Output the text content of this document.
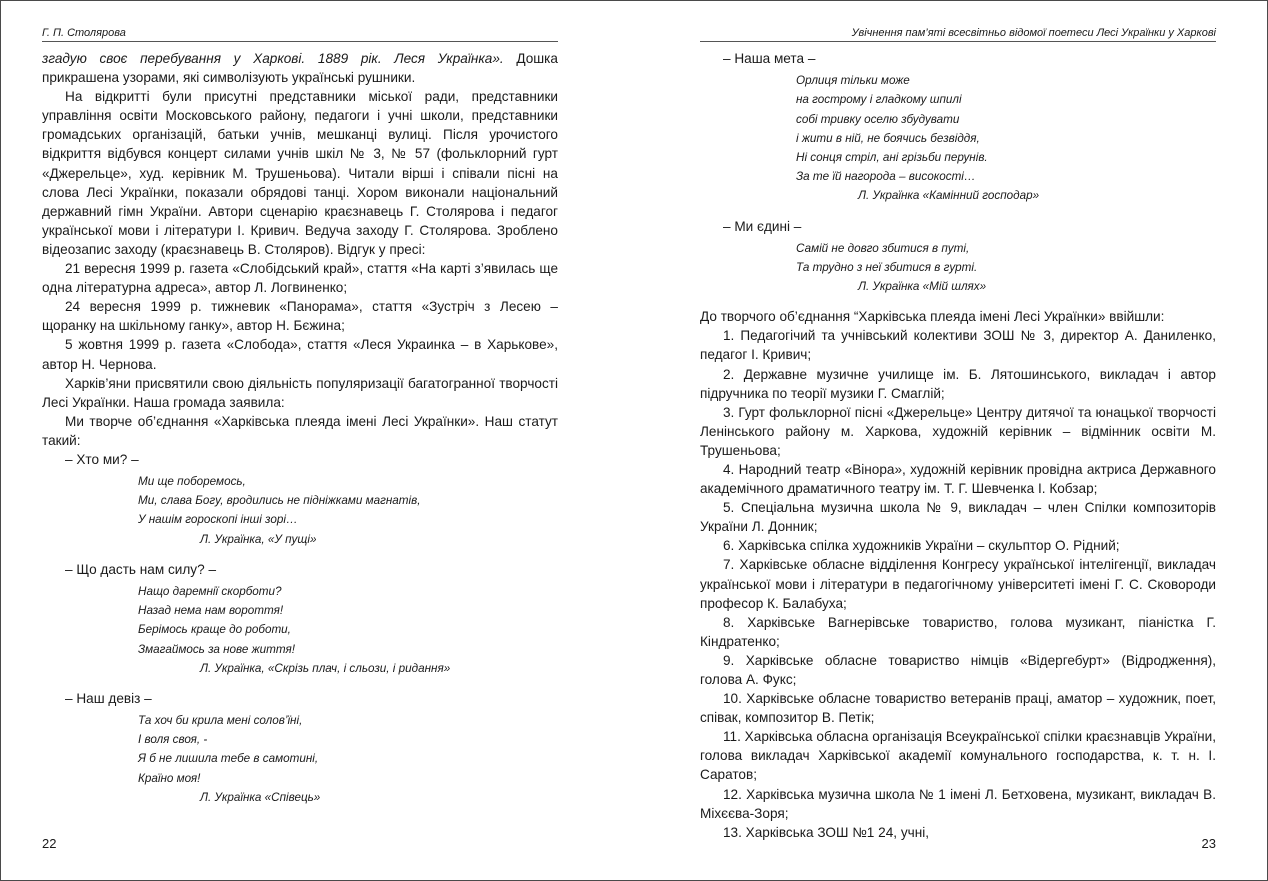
Г. П. Столярова

згадую своє перебування у Харкові. 1889 рік. Леся Українка». Дошка прикрашена узорами, які символізують українські рушники.

На відкритті були присутні представники міської ради, представники управління освіти Московського району, педагоги і учні школи, представники громадських організацій, батьки учнів, мешканці вулиці. Після урочистого відкриття відбувся концерт силами учнів шкіл № 3, № 57 (фольклорний гурт «Джерельце», худ. керівник М. Трушеньова). Читали вірші і співали пісні на слова Лесі Українки, показали обрядові танці. Хором виконали національний державний гімн України. Автори сценарію краєзнавець Г. Столярова і педагог української мови і літератури І. Кривич. Ведуча заходу Г. Столярова. Зроблено відеозапис заходу (краєзнавець В. Столяров). Відгук у пресі:

21 вересня 1999 р. газета «Слобідський край», стаття «На карті з’явилась ще одна літературна адреса», автор Л. Логвиненко;

24 вересня 1999 р. тижневик «Панорама», стаття «Зустріч з Лесею – щоранку на шкільному ганку», автор Н. Бєжина;

5 жовтня 1999 р. газета «Слобода», стаття «Леся Украинка – в Харькове», автор Н. Чернова.

Харків’яни присвятили свою діяльність популяризації багатогранної творчості Лесі Українки. Наша громада заявила:

Ми творче об’єднання «Харківська плеяда імені Лесі Українки». Наш статут такий:

– Хто ми? –

Ми ще поборемось,
Ми, слава Богу, вродились не підніжками магнатів,
У нашім гороскопі інші зорі…
Л. Українка, «У пущі»

– Що дасть нам силу? –

Нащо даремнії скорботи?
Назад нема нам вороття!
Берімось краще до роботи,
Змагаймось за нове життя!
Л. Українка, «Скрізь плач, і сльози, і ридання»

– Наш девіз –

Та хоч би крила мені солов’їні,
І воля своя, -
Я б не лишила тебе в самотині,
Країно моя!
Л. Українка «Співець»
22
Увічнення пам’яті всесвітньо відомої поетеси Лесі Українки у Харкові

– Наша мета –

Орлиця тільки може
на гострому і гладкому шпилі
собі тривку оселю збудувати
і жити в ній, не боячись безвіддя,
Ні сонця стріл, ані грізьби перунів.
За те їй нагорода – високості…
Л. Українка «Камінний господар»

– Ми єдині –

Самій не довго збитися в путі,
Та трудно з неї збитися в гурті.
Л. Українка «Мій шлях»

До творчого об’єднання “Харківська плеяда імені Лесі Українки» ввійшли:

1. Педагогічий та учнівський колективи ЗОШ № 3, директор А. Даниленко, педагог І. Кривич;

2. Державне музичне училище ім. Б. Лятошинського, викладач і автор підручника по теорії музики Г. Смаглій;

3. Гурт фольклорної пісні «Джерельце» Центру дитячої та юнацької творчості Ленінського району м. Харкова, художній керівник – відмінник освіти М. Трушеньова;

4. Народний театр «Вінора», художній керівник провідна актриса Державного академічного драматичного театру ім. Т. Г. Шевченка І. Кобзар;

5. Спеціальна музична школа № 9, викладач – член Спілки композиторів України Л. Донник;

6. Харківська спілка художників України – скульптор О. Рідний;

7. Харківське обласне відділення Конгресу української інтелігенції, викладач української мови і літератури в педагогічному університеті імені Г. С. Сковороди професор К. Балабуха;

8. Харківське Вагнерівське товариство, голова музикант, піаністка Г. Кіндратенко;

9. Харківське обласне товариство німців «Відергебурт» (Відродження), голова А. Фукс;

10. Харківське обласне товариство ветеранів праці, аматор – художник, поет, співак, композитор В. Петік;

11. Харківська обласна організація Всеукраїнської спілки краєзнавців України, голова викладач Харківської академії комунального господарства, к. т. н. І. Саратов;

12. Харківська музична школа № 1 імені Л. Бетховена, музикант, викладач В. Міхєєва-Зоря;

13. Харківська ЗОШ №1 24, учні,

23
